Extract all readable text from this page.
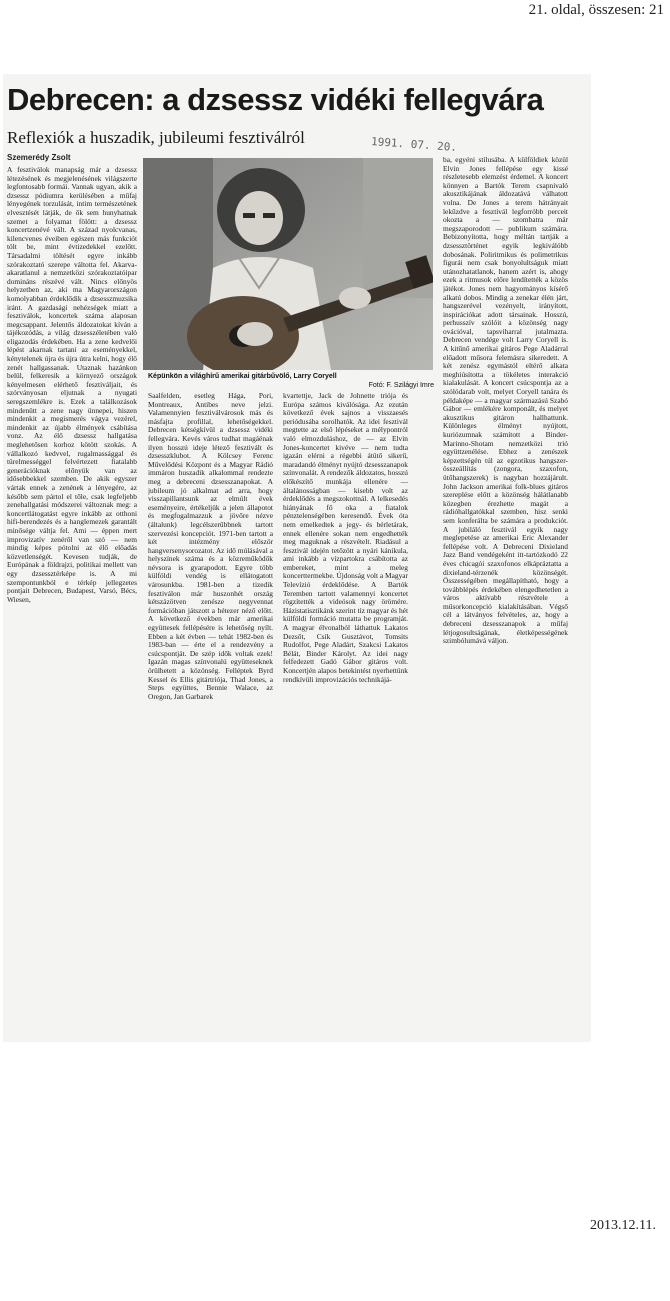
21. oldal, összesen: 21
Debrecen: a dzsessz vidéki fellegvára
Reflexiók a huszadik, jubileumi fesztiválról	1991. 07. 20.
Szemerédy Zsolt
A fesztiválok manapság már a dzsessz létezésének és megjelenésének világszerte legfontosabb formái. Vannak ugyan, akik a dzsessz pódiumra kerülésében a műfaj lényegének torzulását, intim természetének elvesztését látják, de ők sem hunyhatnak szemet a folyamat fölött: a dzsessz koncertzenévé vált. A század nyolcvanas, kilencvenes éveiben egészen más funkciót tölt be, mint évtizedekkel ezelőtt. Társadalmi töltését egyre inkább szórakoztató szerepe váltotta fel. Akarva-akaratlanul a nemzetközi szórakoztatóipar domináns részévé vált. Nincs előnyös helyzetben az, aki ma Magyarországon komolyabban érdeklődik a dzsesszmuzsika iránt. A gazdasági nehézségek miatt a fesztiválok, koncertek száma alaposan megcsappant. Jelentős áldozatokat kíván a tájékozódás, a világ dzsesszéletében való eligazodás érdekében. Ha a zene kedvelői lépést akarnak tartani az eseményekkel, kénytelenek újra és újra útra kelni, hogy élő zenét hallgassanak. Utaznak hazánkon belül, felkeresik a környező országok kényelmesen elérhető fesztiváljait, és szórványosan eljutnak a nyugati seregszemlékre is. Ezek a találkozások mindenütt a zene nagy ünnepei, hiszen mindenkit a megismerés vágya vezérel, mindenkit az újabb élmények csábítása vonz. Az élő dzsessz hallgatása meglehetősen korhoz kötött szokás. A vállalkozó kedvvel, rugalmassággal és türelmességgel felvértezett fiatalabb generációknak előnyük van az idősebbekkel szemben. De akik egyszer vártak ennek a zenének a lényegére, az később sem pártol el tőle, csak legfeljebb zenehallgatási módszerei változnak meg: a koncertlátogatást egyre inkább az otthoni hifi-berendezés és a hanglemezek garantált minősége váltja fel. Ami — éppen mert improvizatív zenéről van szó — nem mindig képes pótolni az élő előadás közvetlenségét. Kevesen tudják, de Európának a földrajzi, politikai mellett van egy dzsessztérképe is. A mi szempontunkból e térkép jellegzetes pontjait Debrecen, Budapest, Varsó, Bécs, Wiesen,
Képünkön a világhírű amerikai gitárbűvölő, Larry Coryell
Fotó: F. Szilágyi Imre
Saalfelden, esetleg Hága, Pori, Montreaux, Antibes neve jelzi. Valamennyien fesztiválvárosok más és másfajta profillal, lehetőségekkel. Debrecen kétségkívül a dzsessz vidéki fellegvára. Kevés város tudhat magáénak ilyen hosszú ideje létező fesztivált és dzsesszklubot. A Kölcsey Ferenc Művelődési Központ és a Magyar Rádió immáron huszadik alkalommal rendezte meg a debreceni dzsesszanapokat. A jubileum jó alkalmat ad arra, hogy visszapillantsunk az elmúlt évek eseményeire, értékeljük a jelen állapotot és megfogalmazzuk a jövőre nézve (általunk) legcélszerűbbnek tartott szervezési koncepciót. 1971-ben tartott a két intézmény először hangversenysorozatot. Az idő múlásával a helyszínek száma és a közreműködők névsora is gyarapodott. Egyre több külföldi vendég is ellátogatott városunkba. 1981-ben a tizedik fesztiválon már huszonhét ország kétszázötven zenésze negyvennat formációban játszott a hétezer néző előtt. A következő években már amerikai együttesek fellépésére is lehetőség nyílt. Ebben a két évben — tehát 1982-ben és 1983-ban — érte el a rendezvény a csúcspontját. De szép idők voltak ezek! Igazán magas színvonalú együtteseknek örülhetett a közönség. Felléptek Byrd Kessel és Ellis gitártriója, Thad Jones, a Steps együttes, Bennie Walace, az Oregon, Jan Garbarek
kvartettje, Jack de Johnette triója és Európa számos kiválósága. Az ezután következő évek sajnos a visszaesés periódusába sorolhatók. Az idei fesztivál megtette az első lépéseket a mélypontról való elmozduláshoz, de — az Elvin Jones-koncertet kivéve — nem tudta igazán elérni a régebbi átütő sikerű, maradandó élményt nyújtó dzsesszanapok színvonalát. A rendezők áldozatos, hosszú előkészítő munkája ellenére — általánosságban — kisebb volt az érdeklődés a megszokottnál. A lelkesedés hiányának fő oka a fiatalok pénztelenségében keresendő. Évek óta nem emelkedtek a jegy- és bérletárak, ennek ellenére sokan nem engedhették meg maguknak a részvételt. Riadásul a fesztivál idején tetőzött a nyári kánikula, ami inkább a vízpartokra csábította az embereket, mint a meleg koncerttermekbe. Újdonság volt a Magyar Televízió érdeklődése. A Bartók Teremben tartott valamennyi koncertet rögzítették a videósok nagy örömére. Házistatisztikánk szerint tíz magyar és hét külföldi formáció mutatta be programját. A magyar élvonalból láthattuk Lakatos Dezsőt, Csík Gusztávot, Tomsits Rudolfot, Pege Aladárt, Szakcsi Lakatos Bélát, Binder Károlyt. Az idei nagy felfedezett Gadó Gábor gitáros volt. Koncertjén alapos betekintést nyerhettünk rendkívüli improvizációs technikájá-
ba, egyéni stílusába. A külföldiek közül Elvin Jones fellépése egy kissé részletesebb elemzést érdemel. A koncert könnyen a Bartók Terem csapnivaló akusztikájának áldozatává válhatott volna. De Jones a terem hátrányait lekűzdve a fesztivál legforróbb perceit okozta a — szombatra már megszaporodott — publikum számára. Bebizonyította, hogy méltán tartják a dzsessztörténet egyik legkiválóbb dobosának. Poliritmikus és polimetrikus figurái nem csak bonyolultságuk miatt utánozhatatlanok, hanem azért is, ahogy ezek a ritmusok előre lendítették a közös játékot. Jones nem hagyományos kísérő alkatú dobos. Mindig a zenekar élén járt, hangszerével vezényelt, irányított, inspirációkat adott társainak. Hosszú, perhusszív szólóit a közönség nagy ovációval, tapsviharral jutalmazta. Debrecen vendége volt Larry Coryell is. A kitűnő amerikai gitáros Pege Aladárral előadott műsora felemásra sikeredett. A két zenész egymástól eltérő alkata meghiúsította a tökéletes interakció kialakulását. A koncert csúcspontja az a szólódarab volt, melyet Coryell tanára és példaképe — a magyar származású Szabó Gábor — emlékére komponált, és melyet akusztikus gitáron hallhattunk. Különleges élményt nyújtott, kuriózumnak számított a Binder-Marinno-Shotam nemzetközi trió együttzenélése. Ebhez a zenészek képzettségén túl az egzotikus hangszer-összeállítás (zongora, szaxofon, ütőhangszerek) is nagyban hozzájárult. John Jackson amerikai folk-blues gitáros szereplése előtt a közönség hálátlanabb közegben érezhette magát a rádióhallgatókkal szemben, hisz senki sem konferálta be számára a produkciót. A jubiláló fesztivál egyik nagy meglepetése az amerikai Eric Alexander fellépése volt. A Debreceni Dixieland Jazz Band vendégeként itt-tartózkodó 22 éves chicagói szaxofonos elkápráztatta a dixieland-térzenék közönségét. Összességében megállapítható, hogy a továbblépés érdekében elengedhetetlen a város aktívabb részvétele a műsorkoncepció kialakításában. Végső cél a látványos felvételes, az, hogy a debreceni dzsesszanapok a műfaj létjogosultságának, életképességének szimbólumává váljon.
2013.12.11.
